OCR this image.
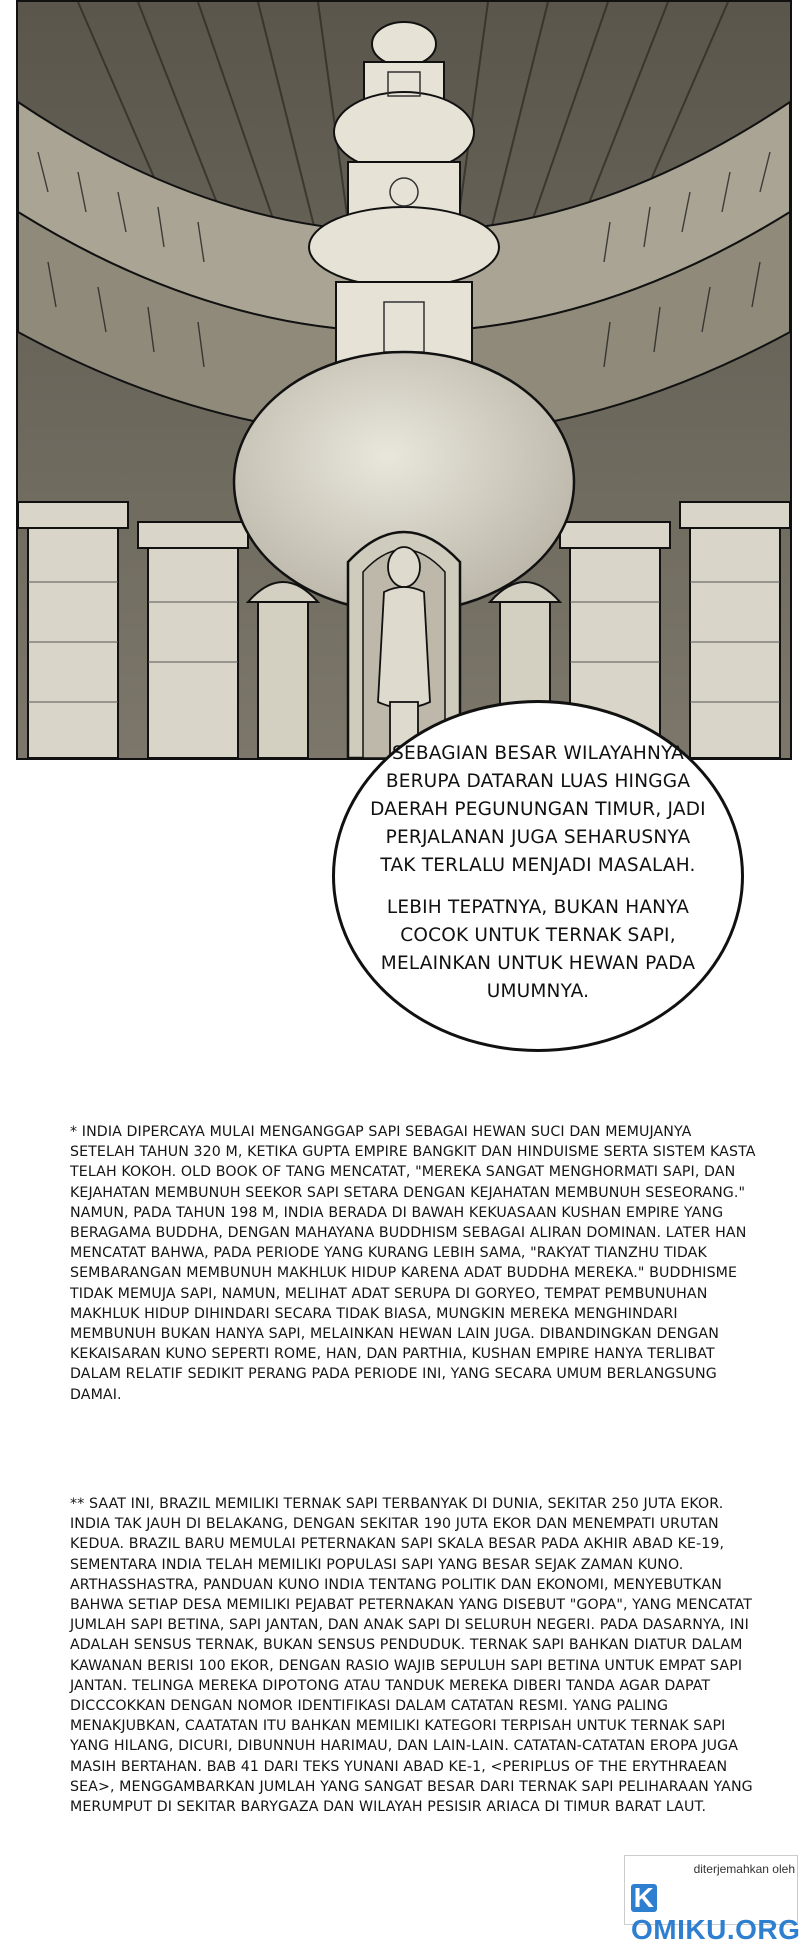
SEBAGIAN BESAR WILAYAHNYA BERUPA DATARAN LUAS HINGGA DAERAH PEGUNUNGAN TIMUR, JADI PERJALANAN JUGA SEHARUSNYA TAK TERLALU MENJADI MASALAH.

LEBIH TEPATNYA, BUKAN HANYA COCOK UNTUK TERNAK SAPI, MELAINKAN UNTUK HEWAN PADA UMUMNYA.

* INDIA DIPERCAYA MULAI MENGANGGAP SAPI SEBAGAI HEWAN SUCI DAN MEMUJANYA SETELAH TAHUN 320 M, KETIKA GUPTA EMPIRE BANGKIT DAN HINDUISME SERTA SISTEM KASTA TELAH KOKOH. OLD BOOK OF TANG MENCATAT, "MEREKA SANGAT MENGHORMATI SAPI, DAN KEJAHATAN MEMBUNUH SEEKOR SAPI SETARA DENGAN KEJAHATAN MEMBUNUH SESEORANG." NAMUN, PADA TAHUN 198 M, INDIA BERADA DI BAWAH KEKUASAAN KUSHAN EMPIRE YANG BERAGAMA BUDDHA, DENGAN MAHAYANA BUDDHISM SEBAGAI ALIRAN DOMINAN. LATER HAN MENCATAT BAHWA, PADA PERIODE YANG KURANG LEBIH SAMA, "RAKYAT TIANZHU TIDAK SEMBARANGAN MEMBUNUH MAKHLUK HIDUP KARENA ADAT BUDDHA MEREKA." BUDDHISME TIDAK MEMUJA SAPI, NAMUN, MELIHAT ADAT SERUPA DI GORYEO, TEMPAT PEMBUNUHAN MAKHLUK HIDUP DIHINDARI SECARA TIDAK BIASA, MUNGKIN MEREKA MENGHINDARI MEMBUNUH BUKAN HANYA SAPI, MELAINKAN HEWAN LAIN JUGA. DIBANDINGKAN DENGAN KEKAISARAN KUNO SEPERTI ROME, HAN, DAN PARTHIA, KUSHAN EMPIRE HANYA TERLIBAT DALAM RELATIF SEDIKIT PERANG PADA PERIODE INI, YANG SECARA UMUM BERLANGSUNG DAMAI.
** SAAT INI, BRAZIL MEMILIKI TERNAK SAPI TERBANYAK DI DUNIA, SEKITAR 250 JUTA EKOR. INDIA TAK JAUH DI BELAKANG, DENGAN SEKITAR 190 JUTA EKOR DAN MENEMPATI URUTAN KEDUA. BRAZIL BARU MEMULAI PETERNAKAN SAPI SKALA BESAR PADA AKHIR ABAD KE-19, SEMENTARA INDIA TELAH MEMILIKI POPULASI SAPI YANG BESAR SEJAK ZAMAN KUNO. ARTHASSHASTRA, PANDUAN KUNO INDIA TENTANG POLITIK DAN EKONOMI, MENYEBUTKAN BAHWA SETIAP DESA MEMILIKI PEJABAT PETERNAKAN YANG DISEBUT "GOPA", YANG MENCATAT JUMLAH SAPI BETINA, SAPI JANTAN, DAN ANAK SAPI DI SELURUH NEGERI. PADA DASARNYA, INI ADALAH SENSUS TERNAK, BUKAN SENSUS PENDUDUK. TERNAK SAPI BAHKAN DIATUR DALAM KAWANAN BERISI 100 EKOR, DENGAN RASIO WAJIB SEPULUH SAPI BETINA UNTUK EMPAT SAPI JANTAN. TELINGA MEREKA DIPOTONG ATAU TANDUK MEREKA DIBERI TANDA AGAR DAPAT DICCCOKKAN DENGAN NOMOR IDENTIFIKASI DALAM CATATAN RESMI. YANG PALING MENAKJUBKAN, CAATATAN ITU BAHKAN MEMILIKI KATEGORI TERPISAH UNTUK TERNAK SAPI YANG HILANG, DICURI, DIBUNNUH HARIMAU, DAN LAIN-LAIN. CATATAN-CATATAN EROPA JUGA MASIH BERTAHAN. BAB 41 DARI TEKS YUNANI ABAD KE-1, <PERIPLUS OF THE ERYTHRAEAN SEA>, MENGGAMBARKAN JUMLAH YANG SANGAT BESAR DARI TERNAK SAPI PELIHARAAN YANG MERUMPUT DI SEKITAR BARYGAZA DAN WILAYAH PESISIR ARIACA DI TIMUR BARAT LAUT.
diterjemahkan oleh
KOMIKU.ORG
